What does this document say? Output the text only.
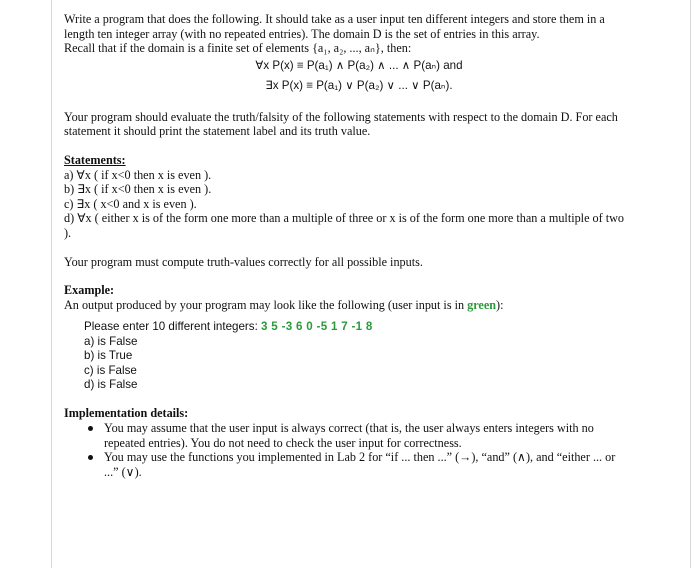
Write a program that does the following. It should take as a user input ten different integers and store them in a length ten integer array (with no repeated entries). The domain D is the set of entries in this array.

Recall that if the domain is a finite set of elements {a₁, a₂, ..., aₙ}, then:

∀x P(x) ≡ P(a₁) ∧ P(a₂) ∧ ... ∧ P(aₙ) and
∃x P(x) ≡ P(a₁) ∨ P(a₂) ∨ ... ∨ P(aₙ).

Your program should evaluate the truth/falsity of the following statements with respect to the domain D. For each statement it should print the statement label and its truth value.

Statements:

a) ∀x ( if x<0 then x is even ).

b) ∃x ( if x<0 then x is even ).

c) ∃x ( x<0 and x is even ).

d) ∀x ( either x is of the form one more than a multiple of three or x is of the form one more than a multiple of two ).

Your program must compute truth-values correctly for all possible inputs.

Example:

An output produced by your program may look like the following (user input is in green):

Please enter 10 different integers: 3 5 -3 6 0 -5 1 7 -1 8
a) is False
b) is True
c) is False
d) is False

Implementation details:

You may assume that the user input is always correct (that is, the user always enters integers with no repeated entries). You do not need to check the user input for correctness.
You may use the functions you implemented in Lab 2 for “if ... then ...” (→), “and” (∧), and “either ... or ...” (∨).
